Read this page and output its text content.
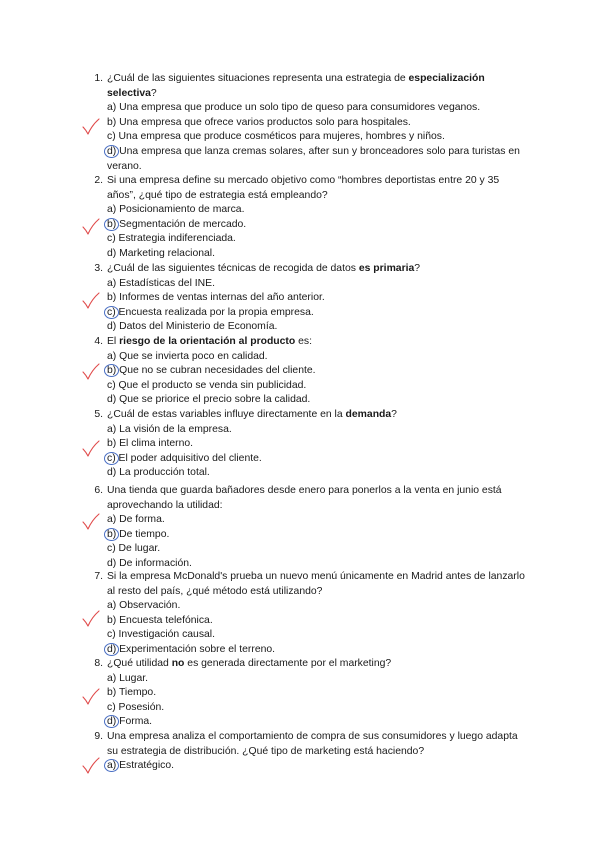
1. ¿Cuál de las siguientes situaciones representa una estrategia de especialización selectiva?

a) Una empresa que produce un solo tipo de queso para consumidores veganos.
b) Una empresa que ofrece varios productos solo para hospitales.
c) Una empresa que produce cosméticos para mujeres, hombres y niños.
d) Una empresa que lanza cremas solares, after sun y bronceadores solo para turistas en verano.
2. Si una empresa define su mercado objetivo como “hombres deportistas entre 20 y 35 años”, ¿qué tipo de estrategia está empleando?

a) Posicionamiento de marca.
b) Segmentación de mercado.
c) Estrategia indiferenciada.
d) Marketing relacional.
3. ¿Cuál de las siguientes técnicas de recogida de datos es primaria?

a) Estadísticas del INE.
b) Informes de ventas internas del año anterior.
c) Encuesta realizada por la propia empresa.
d) Datos del Ministerio de Economía.
4. El riesgo de la orientación al producto es:

a) Que se invierta poco en calidad.
b) Que no se cubran necesidades del cliente.
c) Que el producto se venda sin publicidad.
d) Que se priorice el precio sobre la calidad.
5. ¿Cuál de estas variables influye directamente en la demanda?

a) La visión de la empresa.
b) El clima interno.
c) El poder adquisitivo del cliente.
d) La producción total.
6. Una tienda que guarda bañadores desde enero para ponerlos a la venta en junio está aprovechando la utilidad:

a) De forma.
b) De tiempo.
c) De lugar.
d) De información.
7. Si la empresa McDonald's prueba un nuevo menú únicamente en Madrid antes de lanzarlo al resto del país, ¿qué método está utilizando?

a) Observación.
b) Encuesta telefónica.
c) Investigación causal.
d) Experimentación sobre el terreno.
8. ¿Qué utilidad no es generada directamente por el marketing?

a) Lugar.
b) Tiempo.
c) Posesión.
d) Forma.
9. Una empresa analiza el comportamiento de compra de sus consumidores y luego adapta su estrategia de distribución. ¿Qué tipo de marketing está haciendo?

a) Estratégico.
